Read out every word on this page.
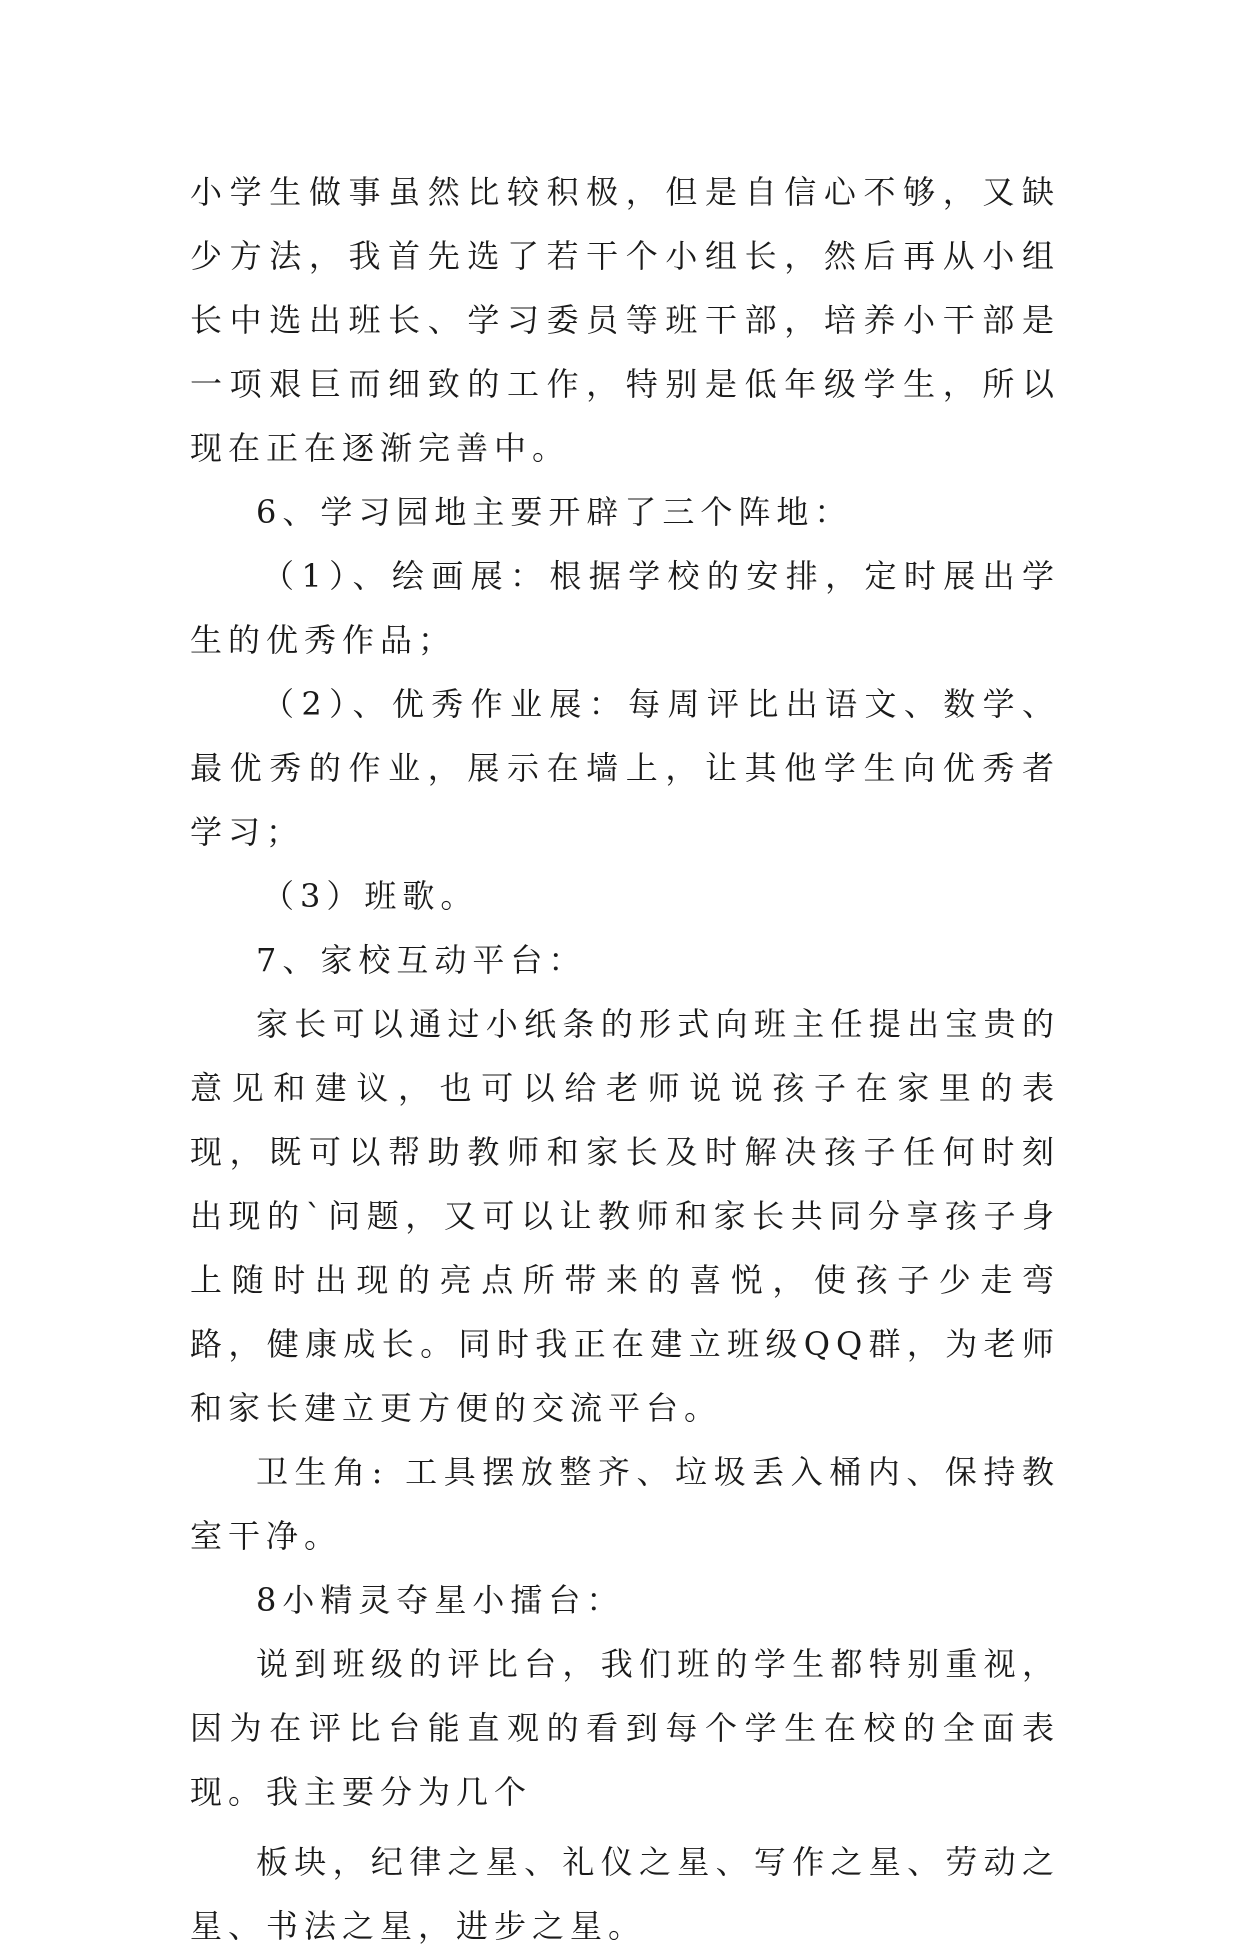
小学生做事虽然比较积极，但是自信心不够，又缺少方法，我首先选了若干个小组长，然后再从小组长中选出班长、学习委员等班干部，培养小干部是一项艰巨而细致的工作，特别是低年级学生，所以现在正在逐渐完善中。

6、学习园地主要开辟了三个阵地：

（1）、绘画展：根据学校的安排，定时展出学生的优秀作品；

（2）、优秀作业展：每周评比出语文、数学、最优秀的作业，展示在墙上，让其他学生向优秀者学习；

（3）班歌。

7、家校互动平台：

家长可以通过小纸条的形式向班主任提出宝贵的意见和建议，也可以给老师说说孩子在家里的表现，既可以帮助教师和家长及时解决孩子任何时刻出现的`问题，又可以让教师和家长共同分享孩子身上随时出现的亮点所带来的喜悦，使孩子少走弯路，健康成长。同时我正在建立班级QQ群，为老师和家长建立更方便的交流平台。

卫生角: 工具摆放整齐、垃圾丢入桶内、保持教室干净。

8小精灵夺星小擂台：

说到班级的评比台，我们班的学生都特别重视，因为在评比台能直观的看到每个学生在校的全面表现。我主要分为几个

板块，纪律之星、礼仪之星、写作之星、劳动之星、书法之星，进步之星。
